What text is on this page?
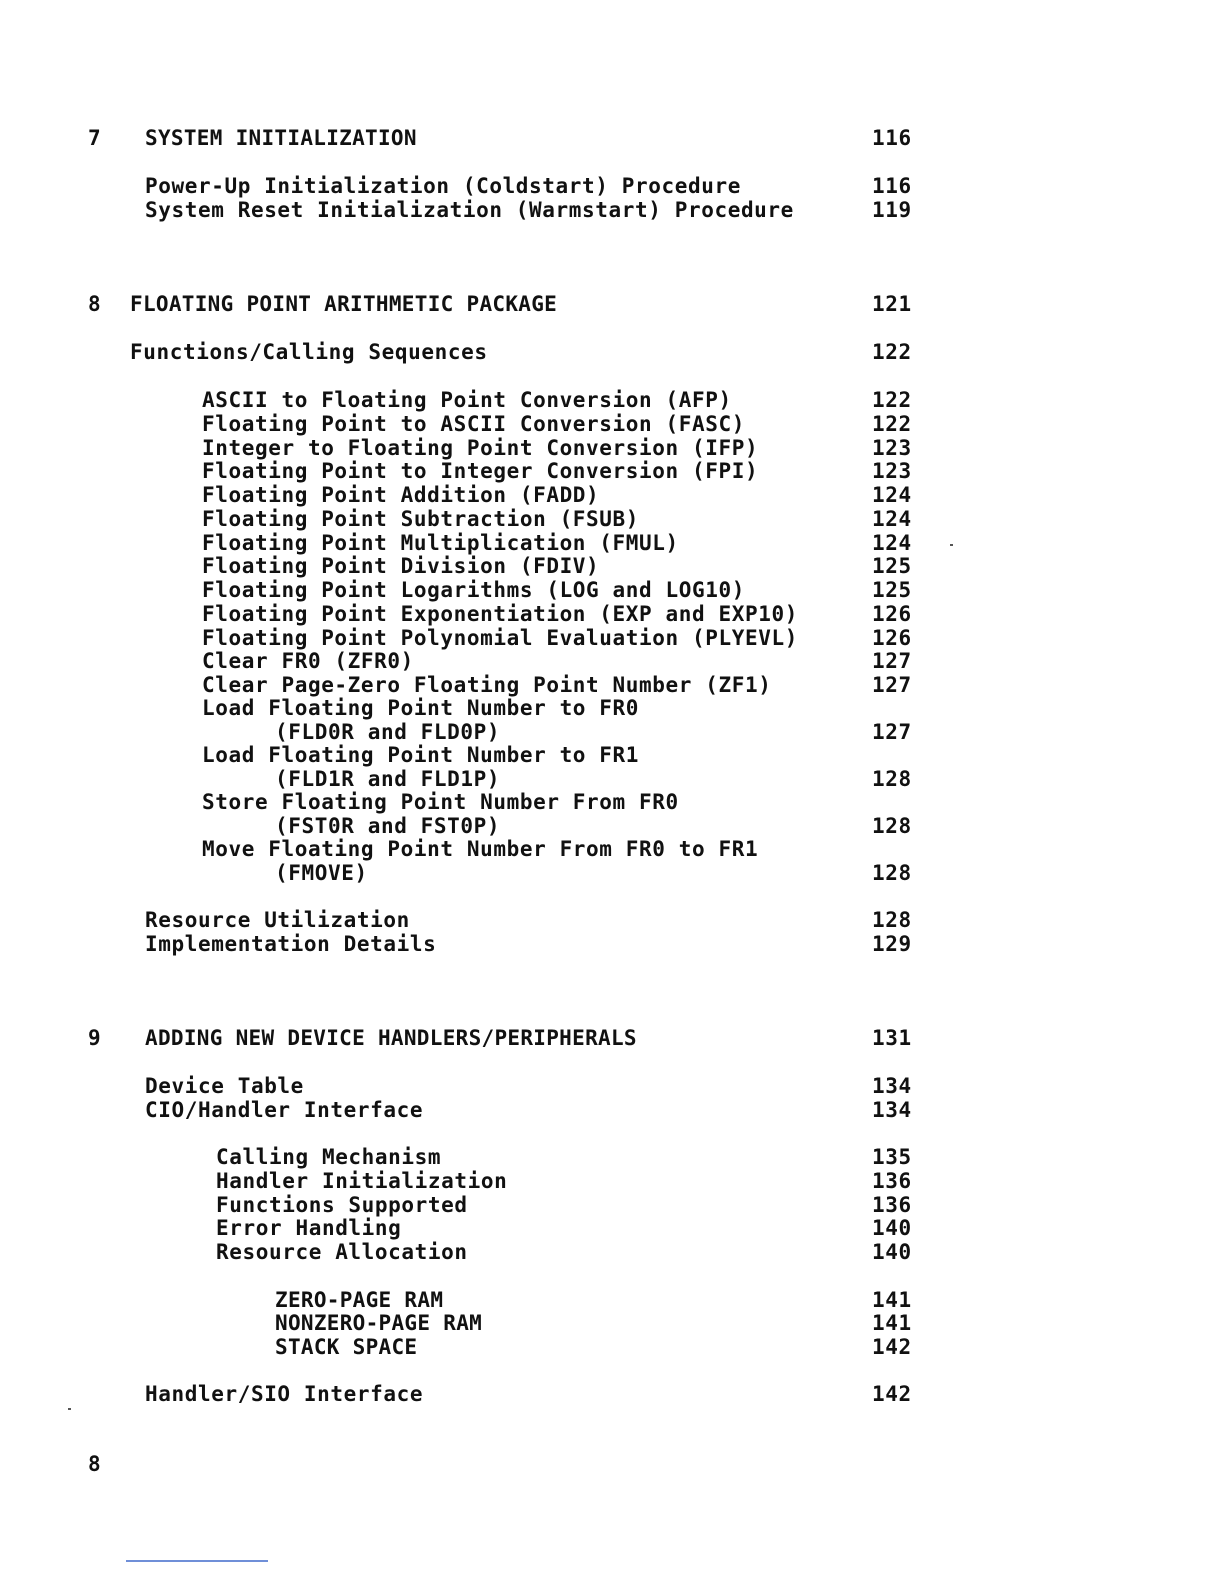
7 SYSTEM INITIALIZATION	116
Power-Up Initialization (Coldstart) Procedure	116
System Reset Initialization (Warmstart) Procedure	119
8 FLOATING POINT ARITHMETIC PACKAGE	121
Functions/Calling Sequences	122
ASCII to Floating Point Conversion (AFP)	122
Floating Point to ASCII Conversion (FASC)	122
Integer to Floating Point Conversion (IFP)	123
Floating Point to Integer Conversion (FPI)	123
Floating Point Addition (FADD)	124
Floating Point Subtraction (FSUB)	124
Floating Point Multiplication (FMUL)	124
Floating Point Division (FDIV)	125
Floating Point Logarithms (LOG and LOG10)	125
Floating Point Exponentiation (EXP and EXP10)	126
Floating Point Polynomial Evaluation (PLYEVL)	126
Clear FR0 (ZFR0)	127
Clear Page-Zero Floating Point Number (ZF1)	127
Load Floating Point Number to FR0
(FLD0R and FLD0P)	127
Load Floating Point Number to FR1
(FLD1R and FLD1P)	128
Store Floating Point Number From FR0
(FST0R and FST0P)	128
Move Floating Point Number From FR0 to FR1
(FMOVE)	128
Resource Utilization	128
Implementation Details	129
9 ADDING NEW DEVICE HANDLERS/PERIPHERALS	131
Device Table	134
CIO/Handler Interface	134
Calling Mechanism	135
Handler Initialization	136
Functions Supported	136
Error Handling	140
Resource Allocation	140
ZERO-PAGE RAM	141
NONZERO-PAGE RAM	141
STACK SPACE	142
Handler/SIO Interface	142
8
